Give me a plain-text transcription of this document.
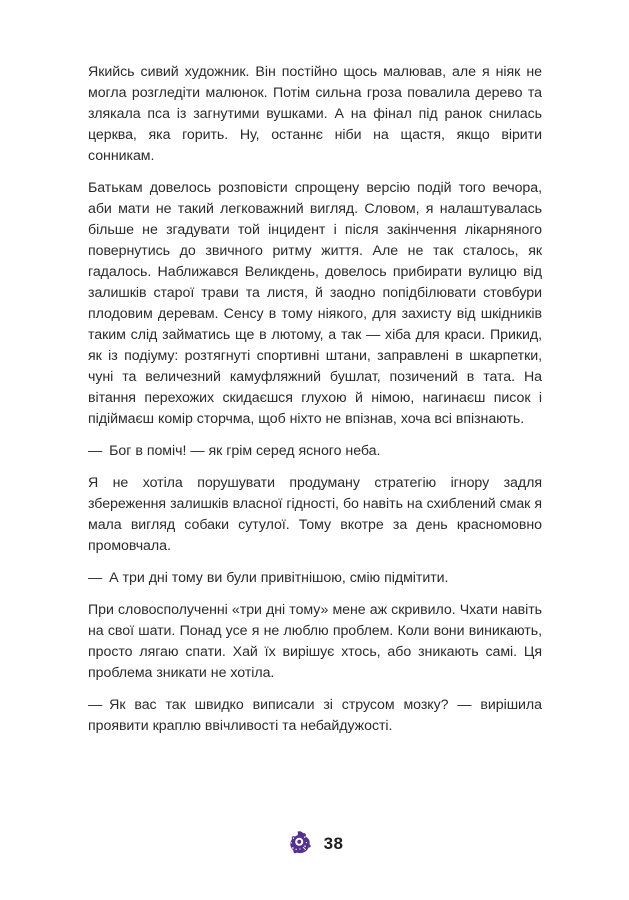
Якийсь сивий художник. Він постійно щось малював, але я ніяк не могла розгледіти малюнок. Потім сильна гроза повалила дерево та злякала пса із загнутими вушками. А на фінал під ранок снилась церква, яка горить. Ну, останнє ніби на щастя, якщо вірити сонникам.

Батькам довелось розповісти спрощену версію подій того вечора, аби мати не такий легковажний вигляд. Словом, я налаштувалась більше не згадувати той інцидент і після закінчення лікарняного повернутись до звичного ритму життя. Але не так сталось, як гадалось. Наближався Великдень, довелось прибирати вулицю від залишків старої трави та листя, й заодно попідбілювати стовбури плодовим деревам. Сенсу в тому ніякого, для захисту від шкідників таким слід займатись ще в лютому, а так — хіба для краси. Прикид, як із подіуму: розтягнуті спортивні штани, заправлені в шкарпетки, чуні та величезний камуфляжний бушлат, позичений в тата. На вітання перехожих скидаєшся глухою й німою, нагинаєш писок і підіймаєш комір сторчма, щоб ніхто не впізнав, хоча всі впізнають.

— Бог в поміч! — як грім серед ясного неба.

Я не хотіла порушувати продуману стратегію ігнору задля збереження залишків власної гідності, бо навіть на схиблений смак я мала вигляд собаки сутулої. Тому вкотре за день красномовно промовчала.

— А три дні тому ви були привітнішою, смію підмітити.

При словосполученні «три дні тому» мене аж скривило. Чхати навіть на свої шати. Понад усе я не люблю проблем. Коли вони виникають, просто лягаю спати. Хай їх вирішує хтось, або зникають самі. Ця проблема зникати не хотіла.

— Як вас так швидко виписали зі струсом мозку? — вирішила проявити краплю ввічливості та небайдужості.

38
